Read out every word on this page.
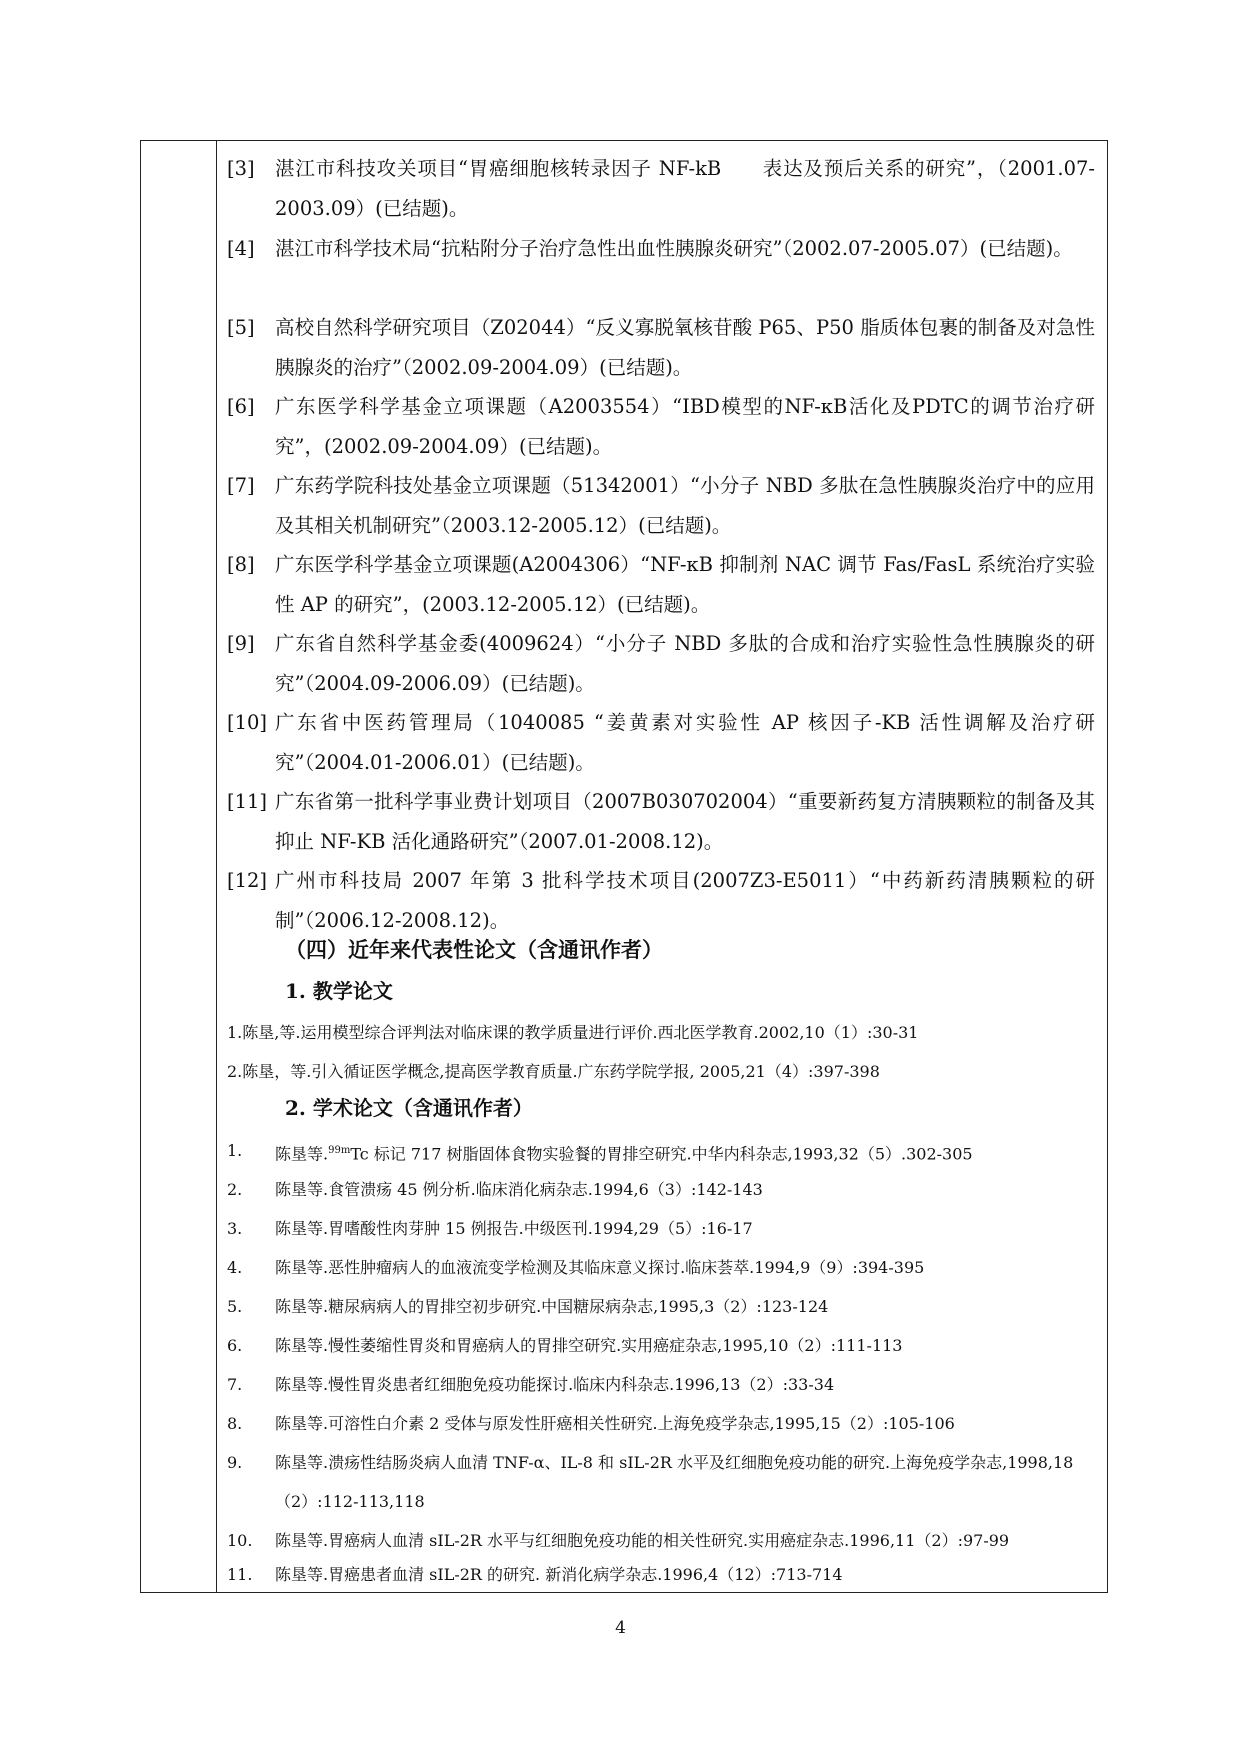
[3]	湛江市科技攻关项目“胃癌细胞核转录因子 NF-kB　　表达及预后关系的研究”，（2001.07-2003.09）(已结题)。
[4]	湛江市科学技术局“抗粘附分子治疗急性出血性胰腺炎研究”（2002.07-2005.07）(已结题)。
[5]	高校自然科学研究项目（Z02044）“反义寡脱氧核苷酸 P65、P50 脂质体包裹的制备及对急性胰腺炎的治疗”（2002.09-2004.09）(已结题)。
[6]	广东医学科学基金立项课题（A2003554）“IBD模型的NF-κB活化及PDTC的调节治疗研究”，(2002.09-2004.09）(已结题)。
[7]	广东药学院科技处基金立项课题（51342001）“小分子 NBD 多肽在急性胰腺炎治疗中的应用及其相关机制研究”（2003.12-2005.12）(已结题)。
[8]	广东医学科学基金立项课题(A2004306）“NF-κB 抑制剂 NAC 调节 Fas/FasL 系统治疗实验性 AP 的研究”，(2003.12-2005.12）(已结题)。
[9]	广东省自然科学基金委(4009624）“小分子 NBD 多肽的合成和治疗实验性急性胰腺炎的研究”（2004.09-2006.09）(已结题)。
[10] 广东省中医药管理局（1040085 “姜黄素对实验性 AP 核因子-KB 活性调解及治疗研究”（2004.01-2006.01）(已结题)。
[11] 广东省第一批科学事业费计划项目（2007B030702004）“重要新药复方清胰颗粒的制备及其抑止 NF-KB 活化通路研究”（2007.01-2008.12)。
[12] 广州市科技局 2007 年第 3 批科学技术项目(2007Z3-E5011）“中药新药清胰颗粒的研制”（2006.12-2008.12)。
（四）近年来代表性论文（含通讯作者）
1. 教学论文
1.陈垦,等.运用模型综合评判法对临床课的教学质量进行评价.西北医学教育.2002,10（1）:30-31
2.陈垦，等.引入循证医学概念,提高医学教育质量.广东药学院学报, 2005,21（4）:397-398
2. 学术论文（含通讯作者）
1.	陈垦等.$^{99m}$Tc 标记 717 树脂固体食物实验餐的胃排空研究.中华内科杂志,1993,32（5）.302-305
2.	陈垦等.食管溃疡 45 例分析.临床消化病杂志.1994,6（3）:142-143
3.	陈垦等.胃嗜酸性肉芽肿 15 例报告.中级医刊.1994,29（5）:16-17
4.	陈垦等.恶性肿瘤病人的血液流变学检测及其临床意义探讨.临床荟萃.1994,9（9）:394-395
5.	陈垦等.糖尿病病人的胃排空初步研究.中国糖尿病杂志,1995,3（2）:123-124
6.	陈垦等.慢性萎缩性胃炎和胃癌病人的胃排空研究.实用癌症杂志,1995,10（2）:111-113
7.	陈垦等.慢性胃炎患者红细胞免疫功能探讨.临床内科杂志.1996,13（2）:33-34
8.	陈垦等.可溶性白介素 2 受体与原发性肝癌相关性研究.上海免疫学杂志,1995,15（2）:105-106
9.	陈垦等.溃疡性结肠炎病人血清 TNF-α、IL-8 和 sIL-2R 水平及红细胞免疫功能的研究.上海免疫学杂志,1998,18（2）:112-113,118
10.	陈垦等.胃癌病人血清 sIL-2R 水平与红细胞免疫功能的相关性研究.实用癌症杂志.1996,11（2）:97-99
11.	陈垦等.胃癌患者血清 sIL-2R 的研究. 新消化病学杂志.1996,4（12）:713-714
4
